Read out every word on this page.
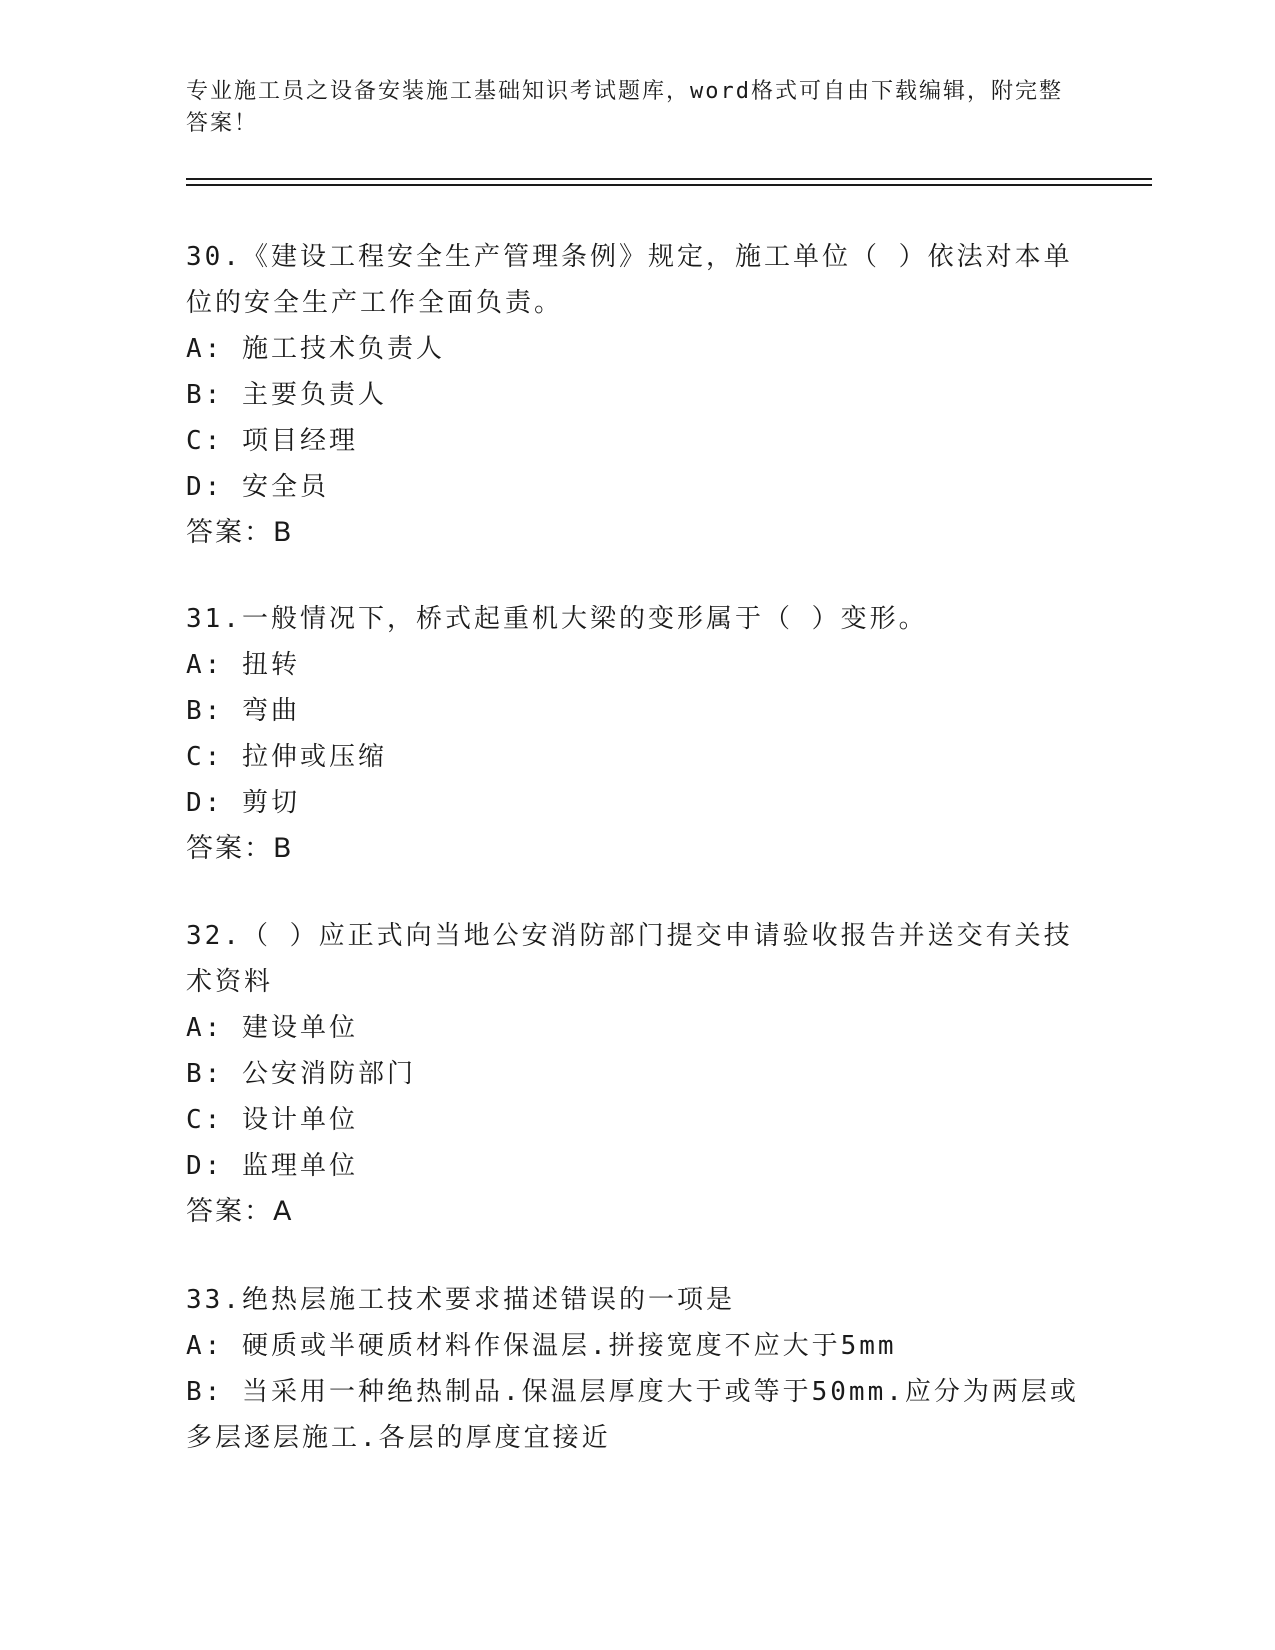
专业施工员之设备安装施工基础知识考试题库，word格式可自由下载编辑，附完整答案！
30.《建设工程安全生产管理条例》规定，施工单位（ ）依法对本单位的安全生产工作全面负责。
A: 施工技术负责人
B: 主要负责人
C: 项目经理
D: 安全员
答案：B
31.一般情况下，桥式起重机大梁的变形属于（ ）变形。
A: 扭转
B: 弯曲
C: 拉伸或压缩
D: 剪切
答案：B
32.（ ）应正式向当地公安消防部门提交申请验收报告并送交有关技术资料
A: 建设单位
B: 公安消防部门
C: 设计单位
D: 监理单位
答案：A
33.绝热层施工技术要求描述错误的一项是
A: 硬质或半硬质材料作保温层.拼接宽度不应大于5mm
B: 当采用一种绝热制品.保温层厚度大于或等于50mm.应分为两层或多层逐层施工.各层的厚度宜接近
